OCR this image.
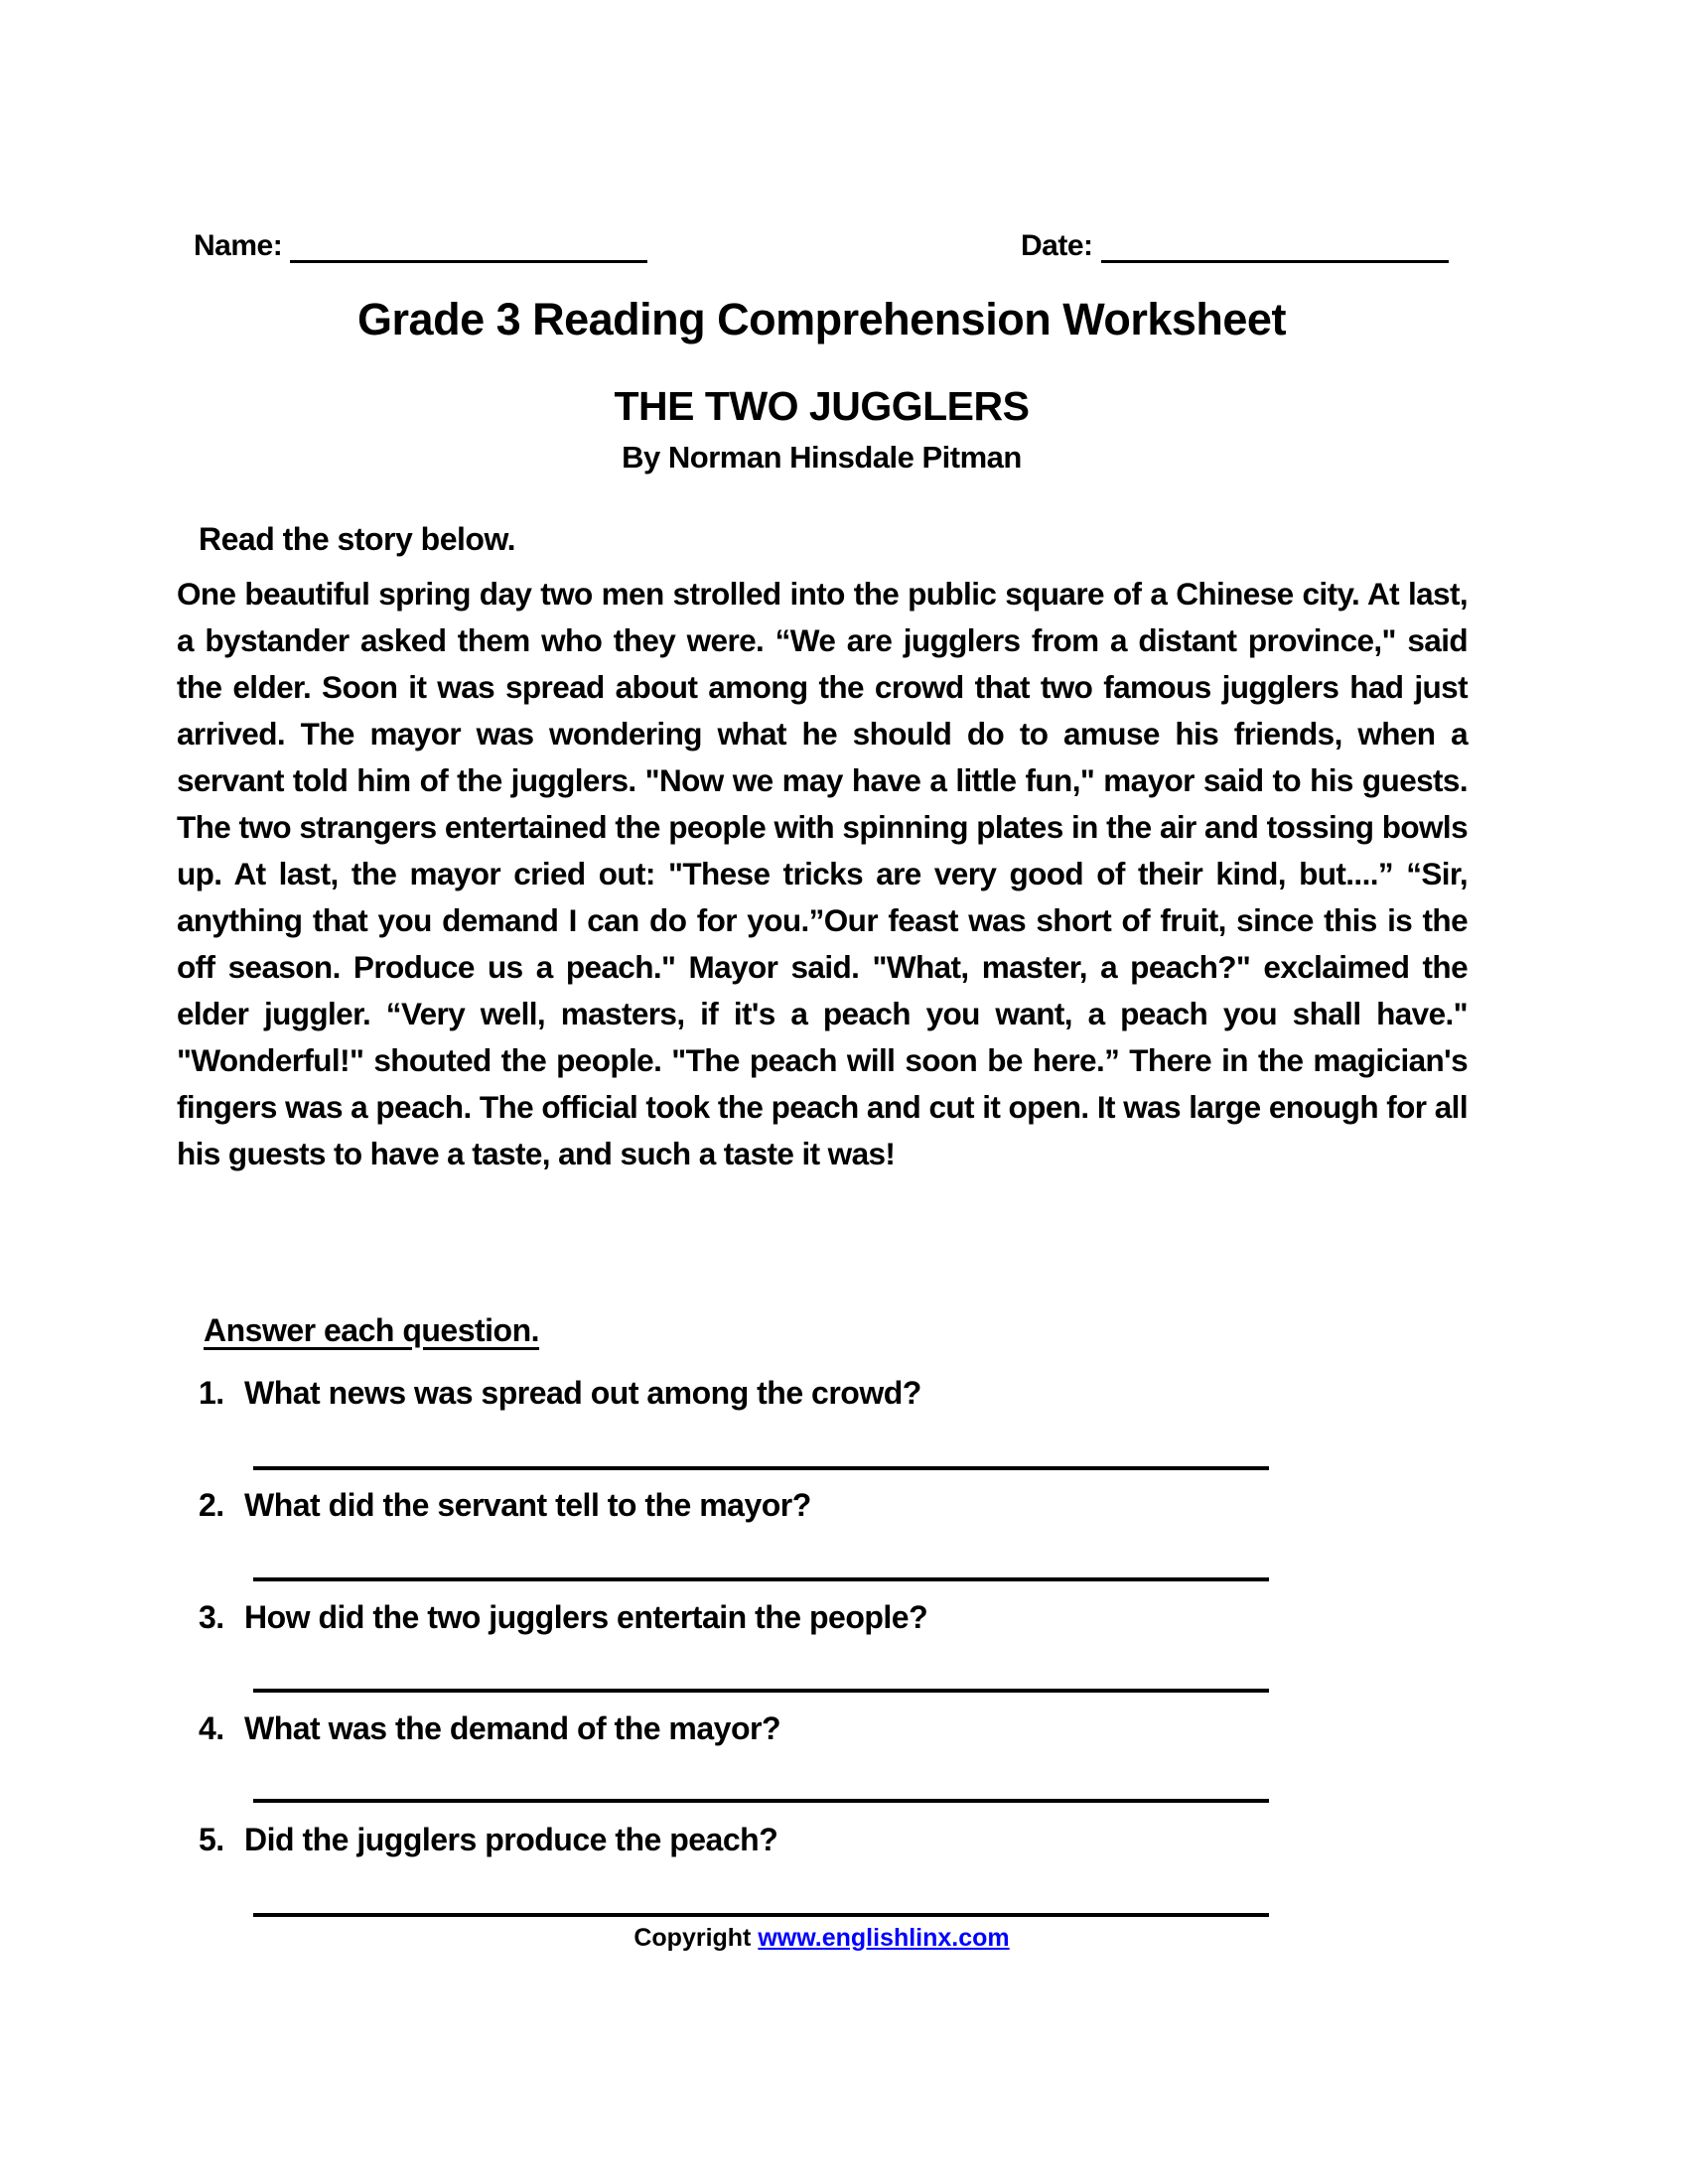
Name:	Date:
Grade 3 Reading Comprehension Worksheet
THE TWO JUGGLERS
By Norman Hinsdale Pitman
Read the story below.
One beautiful spring day two men strolled into the public square of a Chinese city. At last, a bystander asked them who they were. “We are jugglers from a distant province," said the elder. Soon it was spread about among the crowd that two famous jugglers had just arrived. The mayor was wondering what he should do to amuse his friends, when a servant told him of the jugglers. "Now we may have a little fun," mayor said to his guests. The two strangers entertained the people with spinning plates in the air and tossing bowls up. At last, the mayor cried out: "These tricks are very good of their kind, but....” “Sir, anything that you demand I can do for you.”Our feast was short of fruit, since this is the off season. Produce us a peach." Mayor said. "What, master, a peach?" exclaimed the elder juggler. “Very well, masters, if it's a peach you want, a peach you shall have." "Wonderful!" shouted the people. "The peach will soon be here.” There in the magician's fingers was a peach. The official took the peach and cut it open. It was large enough for all his guests to have a taste, and such a taste it was!
Answer each question.
1. What news was spread out among the crowd?
2. What did the servant tell to the mayor?
3. How did the two jugglers entertain the people?
4. What was the demand of the mayor?
5. Did the jugglers produce the peach?
Copyright www.englishlinx.com
